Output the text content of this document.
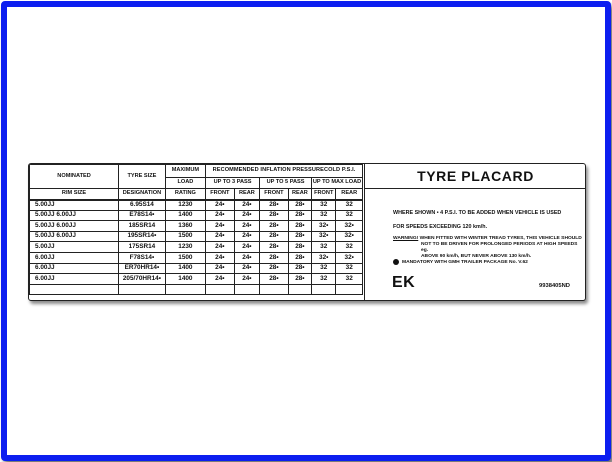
NOMINATED	TYRE SIZE	MAXIMUM	RECOMMENDED INFLATION PRESSURECOLD P.S.I.					
		LOAD	UP TO 3 PASS		UP TO 5 PASS		UP TO MAX LOAD	
RIM SIZE	DESIGNATION	RATING	FRONT	REAR	FRONT	REAR	FRONT	REAR
5.00JJ	6.95S14	1230	24•	24•	28•	28•	32	32
5.00JJ 6.00JJ	E78S14•	1400	24•	24•	28•	28•	32	32
5.00JJ 6.00JJ	185SR14	1360	24•	24•	28•	28•	32•	32•
5.00JJ 6.00JJ	195SR14•	1500	24•	24•	28•	28•	32•	32•
5.00JJ	175SR14	1230	24•	24•	28•	28•	32	32
6.00JJ	F78S14•	1500	24•	24•	28•	28•	32•	32•
6.00JJ	ER70HR14•	1400	24•	24•	28•	28•	32	32
6.00JJ	205/70HR14•	1400	24•	24•	28•	28•	32	32

TYRE PLACARD
WHERE SHOWN • 4 P.S.I. TO BE ADDED WHEN VEHICLE IS USED
FOR SPEEDS EXCEEDING 120 km/h.
WARNING! WHEN FITTED WITH WINTER TREAD TYRES, THIS VEHICLE SHOULD
NOT TO BE DRIVEN FOR PROLONGED PERIODS AT HIGH SPEEDS eg.
ABOVE 90 km/h, BUT NEVER ABOVE 130 km/h.
MANDATORY WITH GMH TRAILER PACKAGE No. V.62
EK	9938405ND
